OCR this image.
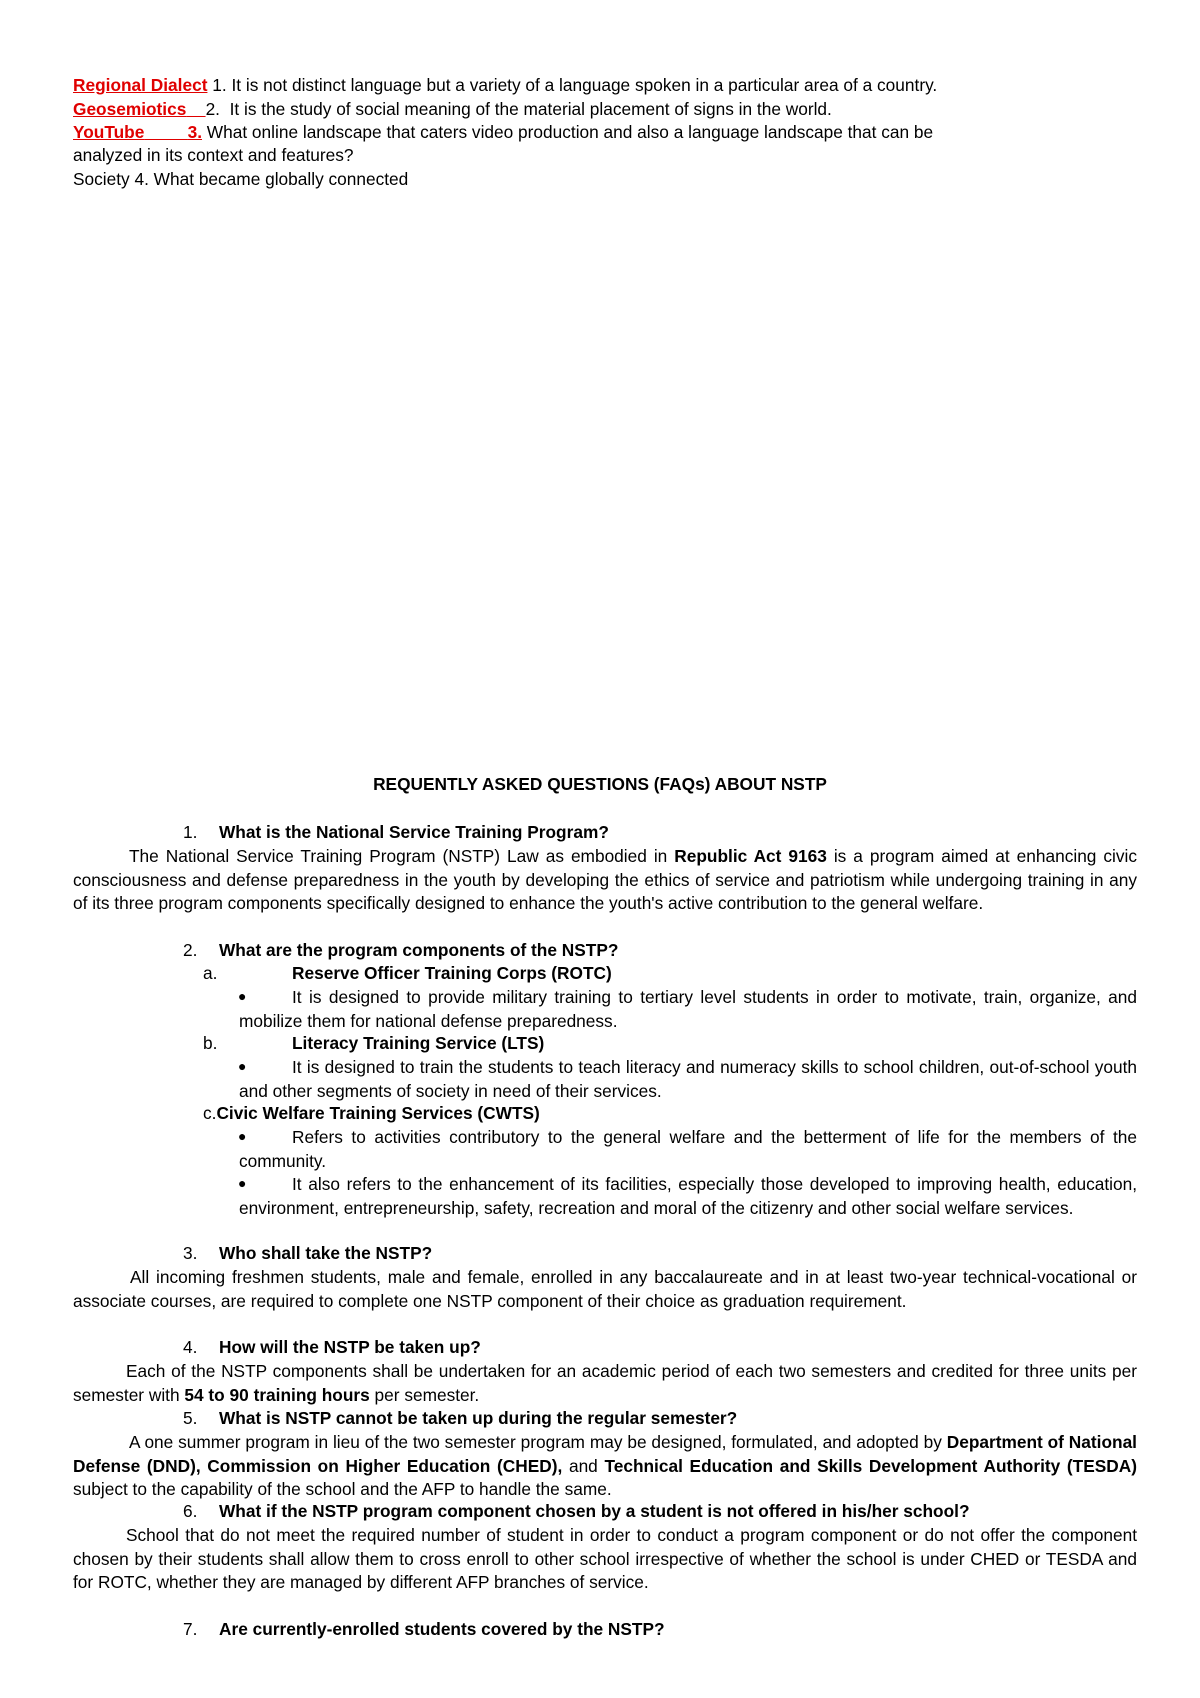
Regional Dialect 1. It is not distinct language but a variety of a language spoken in a particular area of a country.
Geosemiotics 2.  It is the study of social meaning of the material placement of signs in the world.
YouTube 3. What online landscape that caters video production and also a language landscape that can be
analyzed in its context and features?
Society 4. What became globally connected
REQUENTLY ASKED QUESTIONS (FAQs) ABOUT NSTP
1. What is the National Service Training Program?
The National Service Training Program (NSTP) Law as embodied in Republic Act 9163 is a program aimed at enhancing civic consciousness and defense preparedness in the youth by developing the ethics of service and patriotism while undergoing training in any of its three program components specifically designed to enhance the youth's active contribution to the general welfare.
2. What are the program components of the NSTP?
a.	Reserve Officer Training Corps (ROTC)
●	It is designed to provide military training to tertiary level students in order to motivate, train, organize, and mobilize them for national defense preparedness.
b.	Literacy Training Service (LTS)
●	It is designed to train the students to teach literacy and numeracy skills to school children, out-of-school youth and other segments of society in need of their services.
c.Civic Welfare Training Services (CWTS)
●	Refers to activities contributory to the general welfare and the betterment of life for the members of the community.
●	It also refers to the enhancement of its facilities, especially those developed to improving health, education, environment, entrepreneurship, safety, recreation and moral of the citizenry and other social welfare services.
3. Who shall take the NSTP?
All incoming freshmen students, male and female, enrolled in any baccalaureate and in at least two-year technical-vocational or associate courses, are required to complete one NSTP component of their choice as graduation requirement.
4. How will the NSTP be taken up?
Each of the NSTP components shall be undertaken for an academic period of each two semesters and credited for three units per semester with 54 to 90 training hours per semester.
5. What is NSTP cannot be taken up during the regular semester?
A one summer program in lieu of the two semester program may be designed, formulated, and adopted by Department of National Defense (DND), Commission on Higher Education (CHED), and Technical Education and Skills Development Authority (TESDA) subject to the capability of the school and the AFP to handle the same.
6. What if the NSTP program component chosen by a student is not offered in his/her school?
School that do not meet the required number of student in order to conduct a program component or do not offer the component chosen by their students shall allow them to cross enroll to other school irrespective of whether the school is under CHED or TESDA and for ROTC, whether they are managed by different AFP branches of service.
7. Are currently-enrolled students covered by the NSTP?
